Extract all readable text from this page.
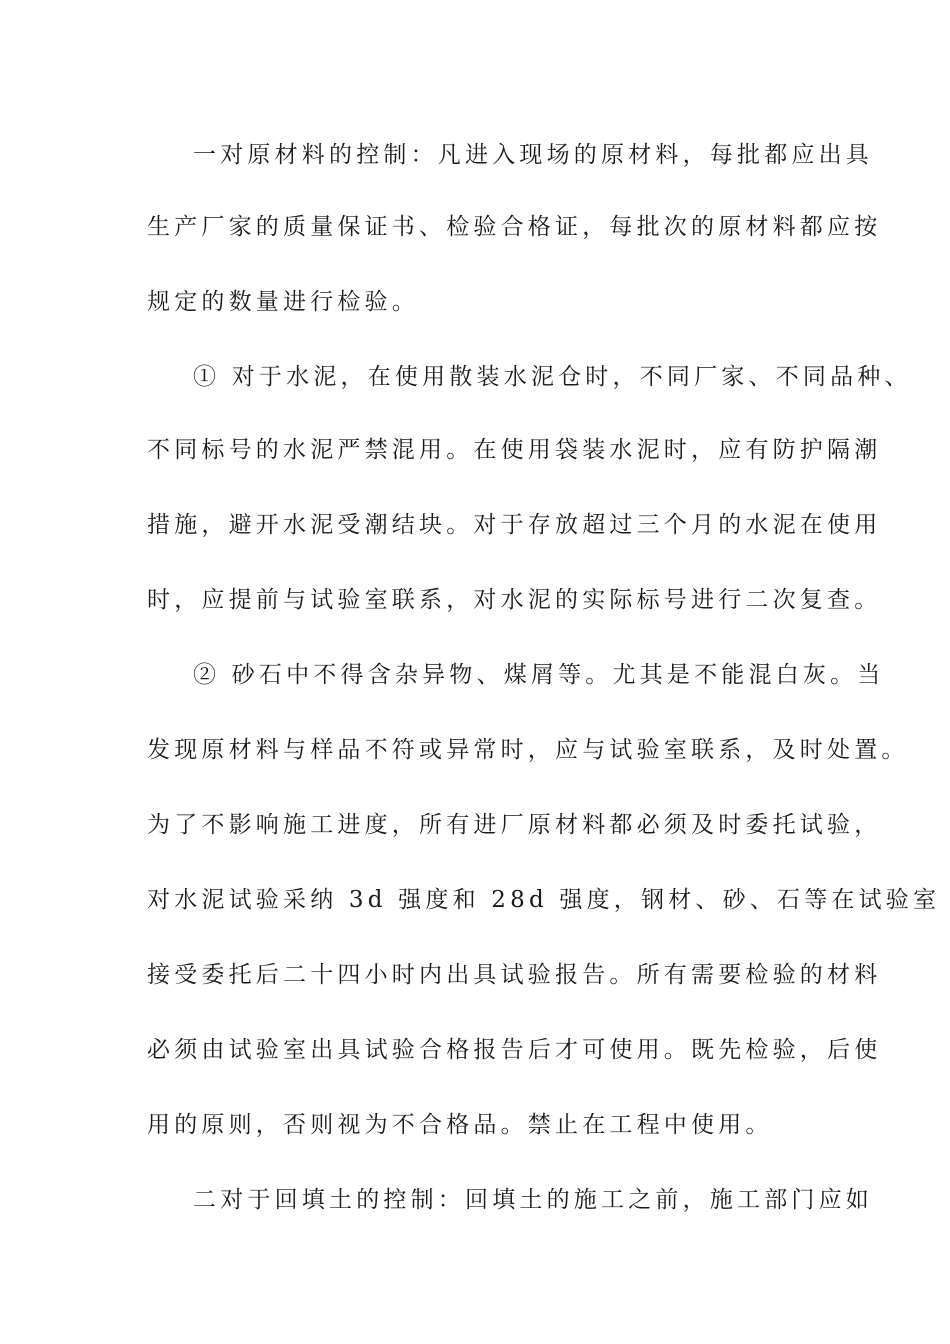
一对原材料的控制：凡进入现场的原材料，每批都应出具
生产厂家的质量保证书、检验合格证，每批次的原材料都应按
规定的数量进行检验。
① 对于水泥，在使用散装水泥仓时，不同厂家、不同品种、
不同标号的水泥严禁混用。在使用袋装水泥时，应有防护隔潮
措施，避开水泥受潮结块。对于存放超过三个月的水泥在使用
时，应提前与试验室联系，对水泥的实际标号进行二次复查。
② 砂石中不得含杂异物、煤屑等。尤其是不能混白灰。当
发现原材料与样品不符或异常时，应与试验室联系，及时处置。
为了不影响施工进度，所有进厂原材料都必须及时委托试验，
对水泥试验采纳 3d 强度和 28d 强度，钢材、砂、石等在试验室
接受委托后二十四小时内出具试验报告。所有需要检验的材料
必须由试验室出具试验合格报告后才可使用。既先检验，后使
用的原则，否则视为不合格品。禁止在工程中使用。
二对于回填土的控制：回填土的施工之前，施工部门应如
